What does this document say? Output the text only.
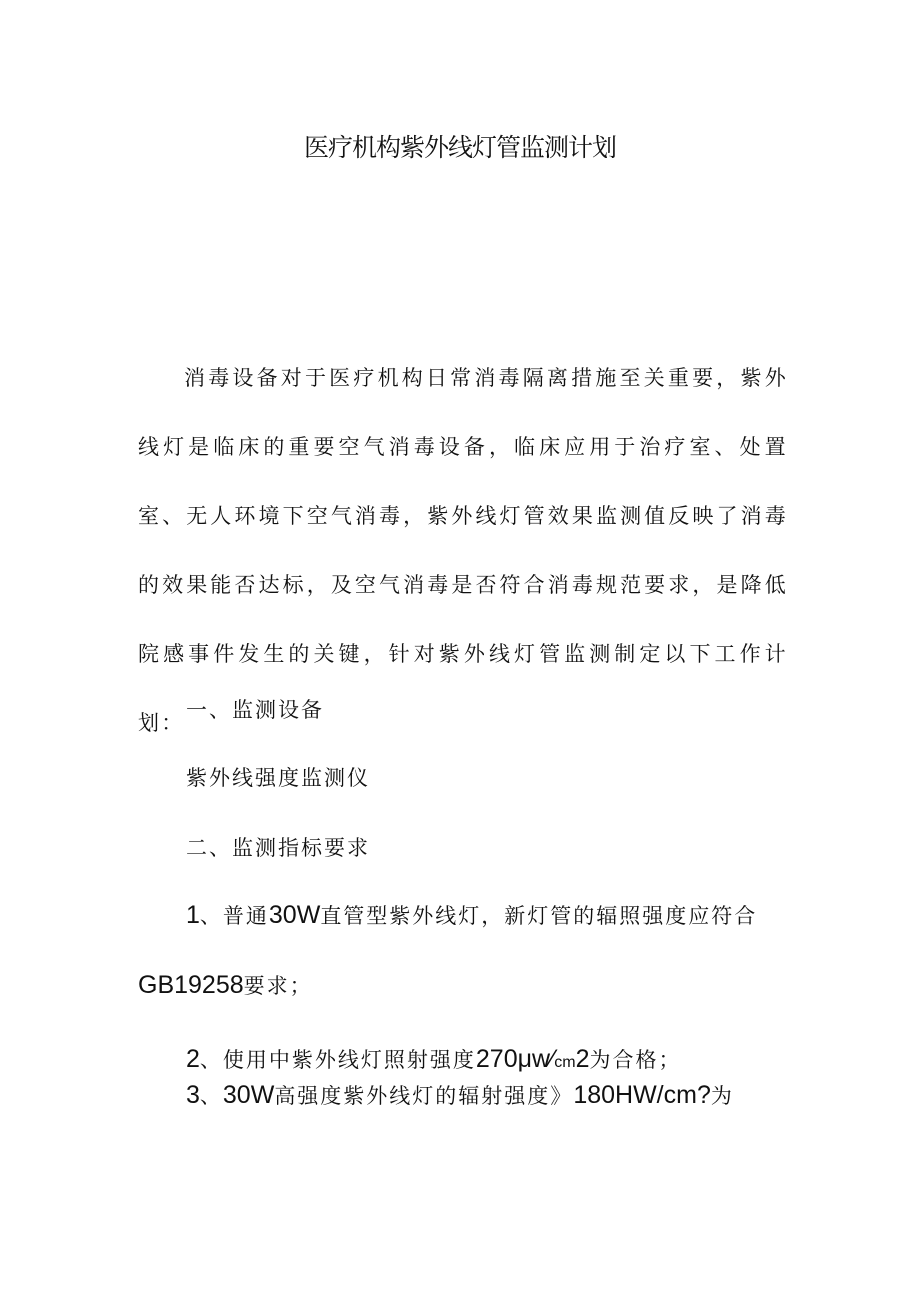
医疗机构紫外线灯管监测计划
消毒设备对于医疗机构日常消毒隔离措施至关重要，紫外线灯是临床的重要空气消毒设备，临床应用于治疗室、处置室、无人环境下空气消毒，紫外线灯管效果监测值反映了消毒的效果能否达标，及空气消毒是否符合消毒规范要求，是降低院感事件发生的关键，针对紫外线灯管监测制定以下工作计划：
一、监测设备
紫外线强度监测仪
二、监测指标要求
1、普通30W直管型紫外线灯，新灯管的辐照强度应符合
GB19258要求；
2、使用中紫外线灯照射强度270μw⁄cm2为合格；
3、30W高强度紫外线灯的辐射强度》180HW/cm?为
